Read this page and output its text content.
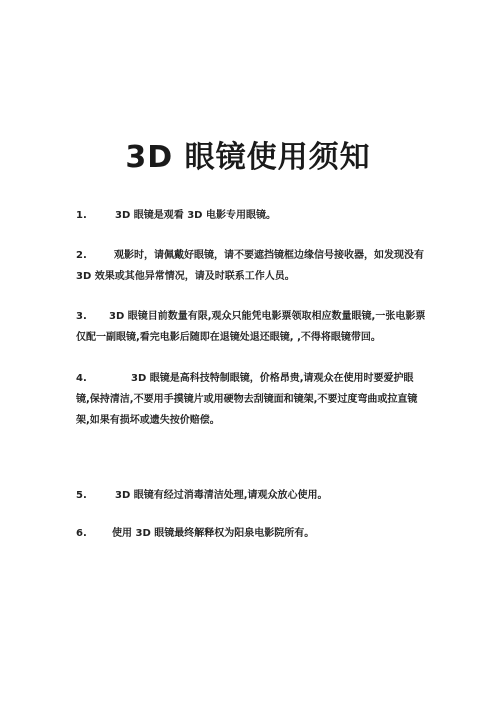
3D 眼镜使用须知
1.	3D 眼镜是观看 3D 电影专用眼镜。
2.	观影时，请佩戴好眼镜，请不要遮挡镜框边缘信号接收器，如发现没有 3D 效果或其他异常情况，请及时联系工作人员。
3. 3D 眼镜目前数量有限,观众只能凭电影票领取相应数量眼镜,一张电影票仅配一副眼镜,看完电影后随即在退镜处退还眼镜, ,不得将眼镜带回。
4.	3D 眼镜是高科技特制眼镜，价格昂贵,请观众在使用时要爱护眼镜,保持清洁,不要用手摸镜片或用硬物去刮镜面和镜架,不要过度弯曲或拉直镜架,如果有损坏或遗失按价赔偿。
5.	3D 眼镜有经过消毒清洁处理,请观众放心使用。
6.	使用 3D 眼镜最终解释权为阳泉电影院所有。
